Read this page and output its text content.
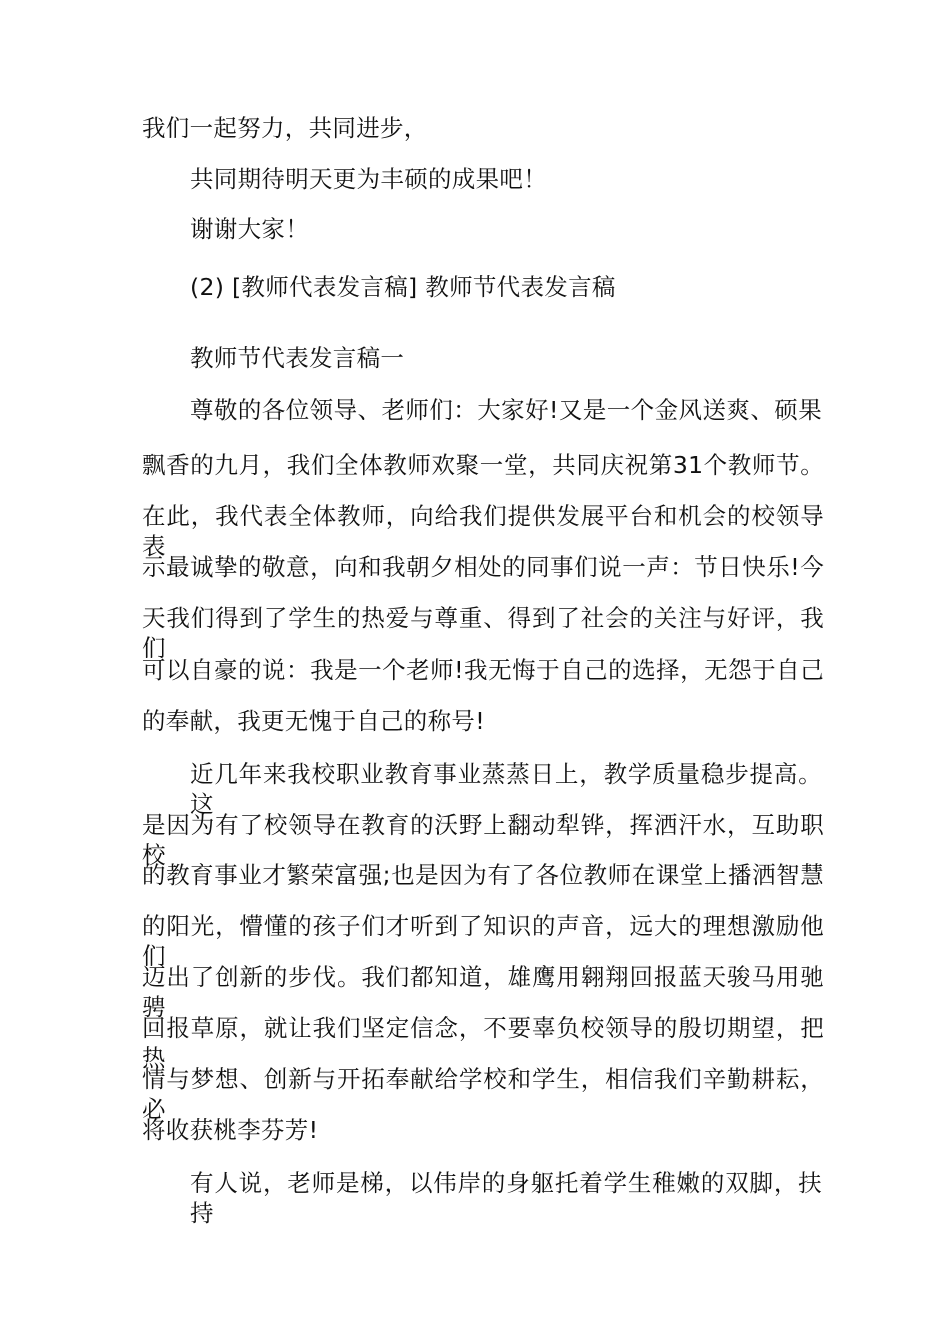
我们一起努力，共同进步，
共同期待明天更为丰硕的成果吧！
谢谢大家！
(2) [教师代表发言稿] 教师节代表发言稿
教师节代表发言稿一
尊敬的各位领导、老师们：大家好!又是一个金风送爽、硕果
飘香的九月，我们全体教师欢聚一堂，共同庆祝第31个教师节。
在此，我代表全体教师，向给我们提供发展平台和机会的校领导表
示最诚挚的敬意，向和我朝夕相处的同事们说一声：节日快乐!今
天我们得到了学生的热爱与尊重、得到了社会的关注与好评，我们
可以自豪的说：我是一个老师!我无悔于自己的选择，无怨于自己
的奉献，我更无愧于自己的称号!
近几年来我校职业教育事业蒸蒸日上，教学质量稳步提高。这
是因为有了校领导在教育的沃野上翻动犁铧，挥洒汗水，互助职校
的教育事业才繁荣富强;也是因为有了各位教师在课堂上播洒智慧
的阳光，懵懂的孩子们才听到了知识的声音，远大的理想激励他们
迈出了创新的步伐。我们都知道，雄鹰用翱翔回报蓝天骏马用驰骋
回报草原，就让我们坚定信念，不要辜负校领导的殷切期望，把热
情与梦想、创新与开拓奉献给学校和学生，相信我们辛勤耕耘，必
将收获桃李芬芳!
有人说，老师是梯，以伟岸的身躯托着学生稚嫩的双脚，扶持
